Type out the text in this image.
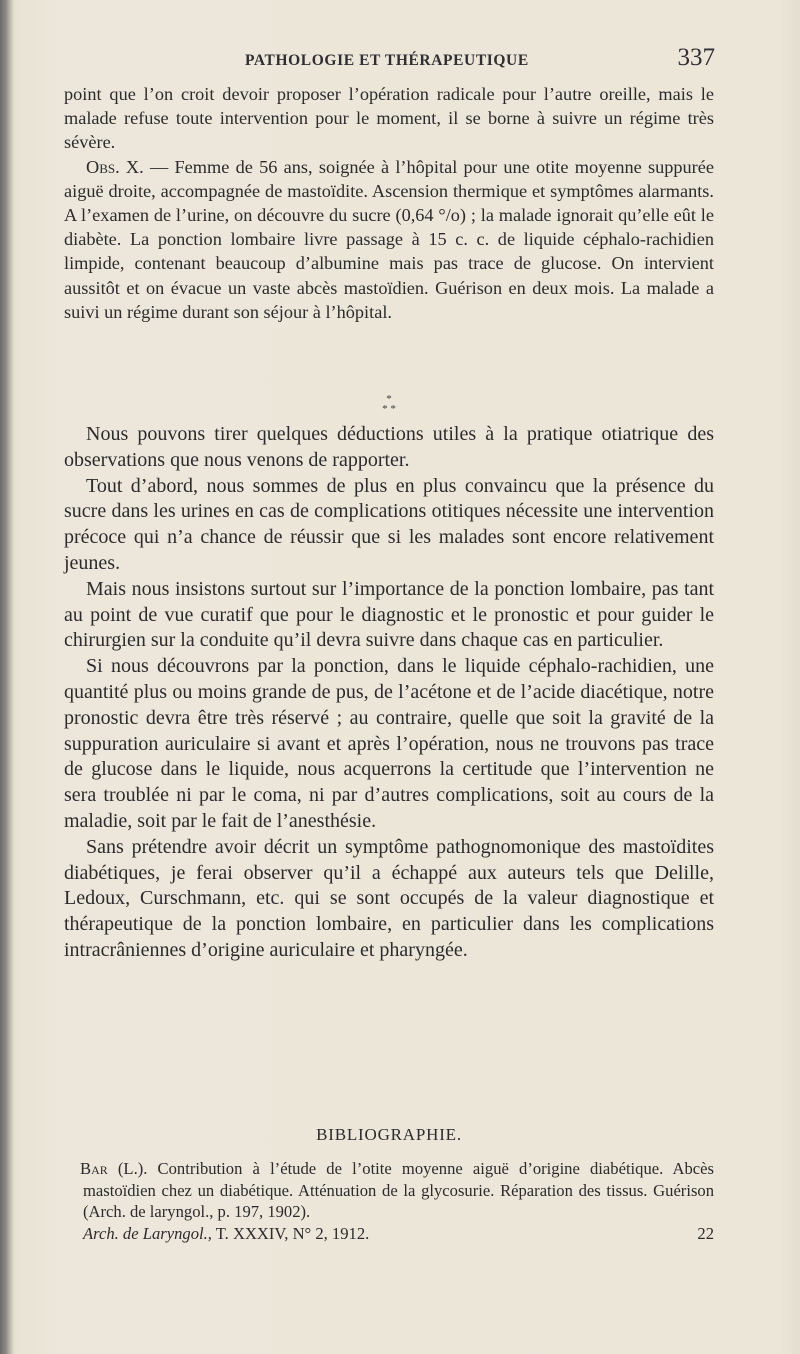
PATHOLOGIE ET THÉRAPEUTIQUE	337

point que l’on croit devoir proposer l’opération radicale pour l’autre oreille, mais le malade refuse toute intervention pour le moment, il se borne à suivre un régime très sévère.

Obs. X. — Femme de 56 ans, soignée à l’hôpital pour une otite moyenne suppurée aiguë droite, accompagnée de mastoïdite. Ascension thermique et symptômes alarmants. A l’examen de l’urine, on découvre du sucre (0,64 °/o) ; la malade ignorait qu’elle eût le diabète. La ponction lombaire livre passage à 15 c. c. de liquide céphalo-rachidien limpide, contenant beaucoup d’albumine mais pas trace de glucose. On intervient aussitôt et on évacue un vaste abcès mastoïdien. Guérison en deux mois. La malade a suivi un régime durant son séjour à l’hôpital.

*
* *

Nous pouvons tirer quelques déductions utiles à la pratique otiatrique des observations que nous venons de rapporter.

Tout d’abord, nous sommes de plus en plus convaincu que la présence du sucre dans les urines en cas de complications otitiques nécessite une intervention précoce qui n’a chance de réussir que si les malades sont encore relativement jeunes.

Mais nous insistons surtout sur l’importance de la ponction lombaire, pas tant au point de vue curatif que pour le diagnostic et le pronostic et pour guider le chirurgien sur la conduite qu’il devra suivre dans chaque cas en particulier.

Si nous découvrons par la ponction, dans le liquide céphalo-rachidien, une quantité plus ou moins grande de pus, de l’acétone et de l’acide diacétique, notre pronostic devra être très réservé ; au contraire, quelle que soit la gravité de la suppuration auriculaire si avant et après l’opération, nous ne trouvons pas trace de glucose dans le liquide, nous acquerrons la certitude que l’intervention ne sera troublée ni par le coma, ni par d’autres complications, soit au cours de la maladie, soit par le fait de l’anesthésie.

Sans prétendre avoir décrit un symptôme pathognomonique des mastoïdites diabétiques, je ferai observer qu’il a échappé aux auteurs tels que Delille, Ledoux, Curschmann, etc. qui se sont occupés de la valeur diagnostique et thérapeutique de la ponction lombaire, en particulier dans les complications intracrâniennes d’origine auriculaire et pharyngée.

BIBLIOGRAPHIE.

Bar (L.). Contribution à l’étude de l’otite moyenne aiguë d’origine diabétique. Abcès mastoïdien chez un diabétique. Atténuation de la glycosurie. Réparation des tissus. Guérison (Arch. de laryngol., p. 197, 1902).

Arch. de Laryngol., T. XXXIV, N° 2, 1912.	22
